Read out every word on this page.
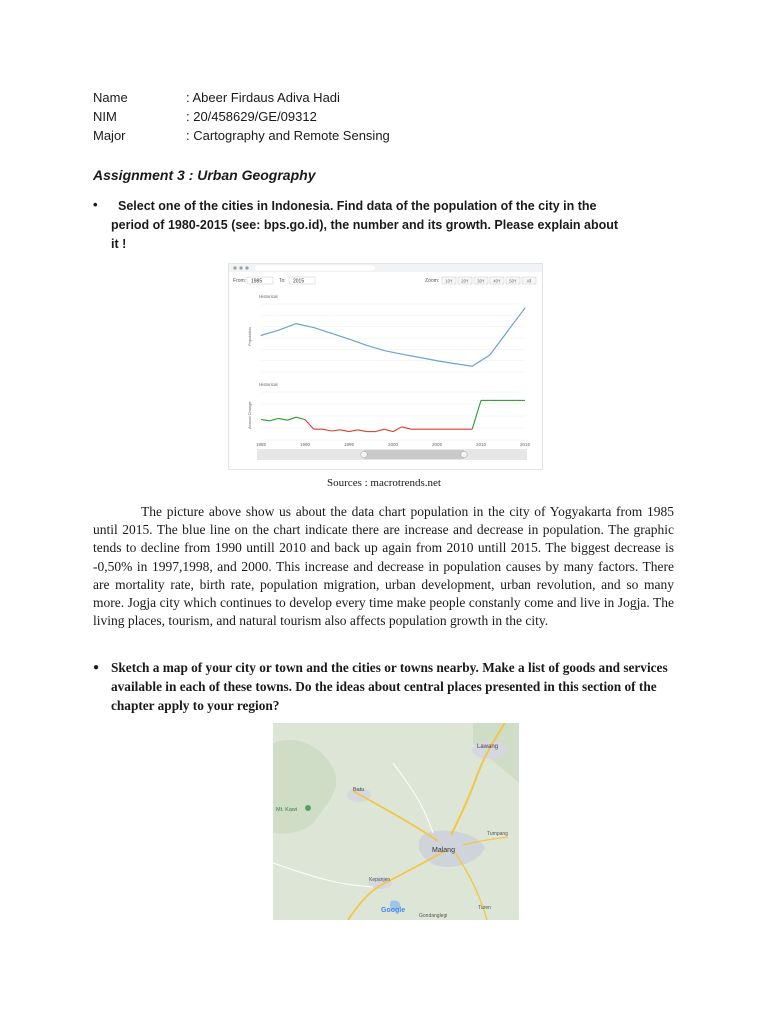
Name	: Abeer Firdaus Adiva Hadi
NIM	: 20/458629/GE/09312
Major	: Cartography and Remote Sensing
Assignment 3 : Urban Geography
•	Select one of the cities in Indonesia. Find data of the population of the city in the
period of 1980-2015 (see: bps.go.id), the number and its growth. Please explain about
it !
From: 1985	To: 2015	Zoom: 10Y 20Y 30Y 40Y 50Y All
Historical
Population
Historical
Annual Change
1985	1990	1995	2000	2005	2010	2015
Sources : macrotrends.net

The picture above show us about the data chart population in the city of Yogyakarta from 1985 until 2015. The blue line on the chart indicate there are increase and decrease in population. The graphic tends to decline from 1990 untill 2010 and back up again from 2010 untill 2015. The biggest decrease is -0,50% in 1997,1998, and 2000. This increase and decrease in population causes by many factors. There are mortality rate, birth rate, population migration, urban development, urban revolution, and so many more. Jogja city which continues to develop every time make people constanly come and live in Jogja. The living places, tourism, and natural tourism also affects population growth in the city.

● Sketch a map of your city or town and the cities or towns nearby. Make a list of goods and services available in each of these towns. Do the ideas about central places presented in this section of the chapter apply to your region?
Lawang
Batu
Mt. Kawi
Malang
Tumpang
Kepanjen
Turen
Gondanglegi
Google
